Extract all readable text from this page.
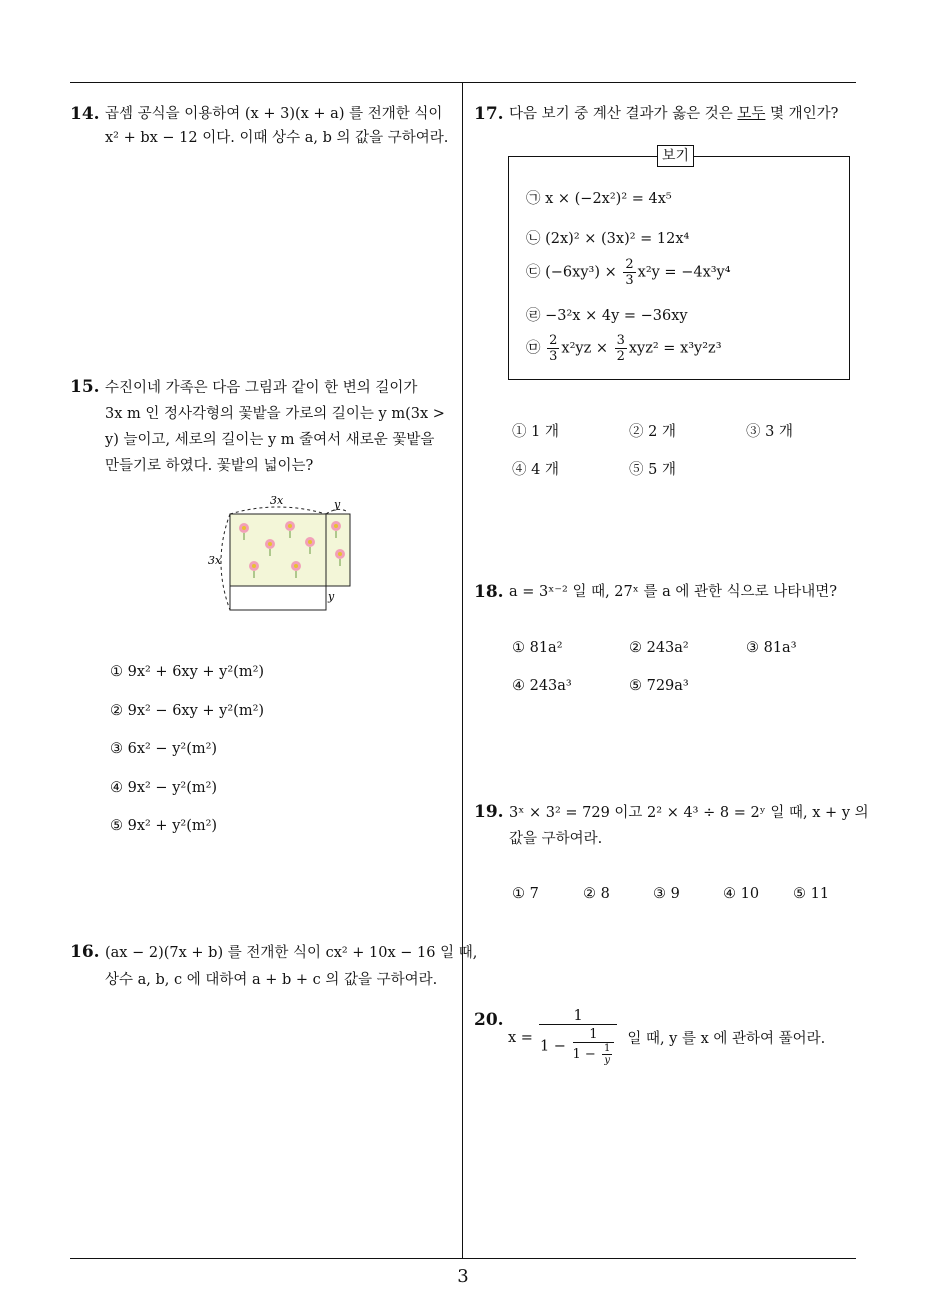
3
14. 곱셈 공식을 이용하여 (x + 3)(x + a) 를 전개한 식이
x² + bx − 12 이다. 이때 상수 a, b 의 값을 구하여라.
15. 수진이네 가족은 다음 그림과 같이 한 변의 길이가
3x m 인 정사각형의 꽃밭을 가로의 길이는 y m(3x >
y) 늘이고, 세로의 길이는 y m 줄여서 새로운 꽃밭을
만들기로 하였다. 꽃밭의 넓이는?
3x	y
3x
y
① 9x² + 6xy + y²(m²)
② 9x² − 6xy + y²(m²)
③ 6x² − y²(m²)
④ 9x² − y²(m²)
⑤ 9x² + y²(m²)
16. (ax − 2)(7x + b) 를 전개한 식이 cx² + 10x − 16 일 때,
상수 a, b, c 에 대하여 a + b + c 의 값을 구하여라.
17. 다음 보기 중 계산 결과가 옳은 것은 모두 몇 개인가?
보기
㉠ x × (−2x²)² = 4x⁵
㉡ (2x)² × (3x)² = 12x⁴
㉢ $(-6xy^3) \times \frac{2}{3} x^2y = -4x^3y^4$
㉣ −3²x × 4y = −36xy
㉤ $\frac{2}{3} x^2yz \times \frac{3}{2} xyz^2 = x^3y^2z^3$
① 1 개	② 2 개	③ 3 개
④ 4 개	⑤ 5 개
18. a = 3ˣ⁻² 일 때, 27ˣ 를 a 에 관한 식으로 나타내면?
① 81a²	② 243a²	③ 81a³
④ 243a³	⑤ 729a³
19. 3ˣ × 3² = 729 이고 2² × 4³ ÷ 8 = 2ʸ 일 때, x + y 의
값을 구하여라.
① 7	② 8	③ 9	④ 10 ⑤ 11
20.
x =	1	일 때, y 를 x 에 관하여 풀어라.
$1 - \frac{1}{1 - \frac{1}{y}}$
